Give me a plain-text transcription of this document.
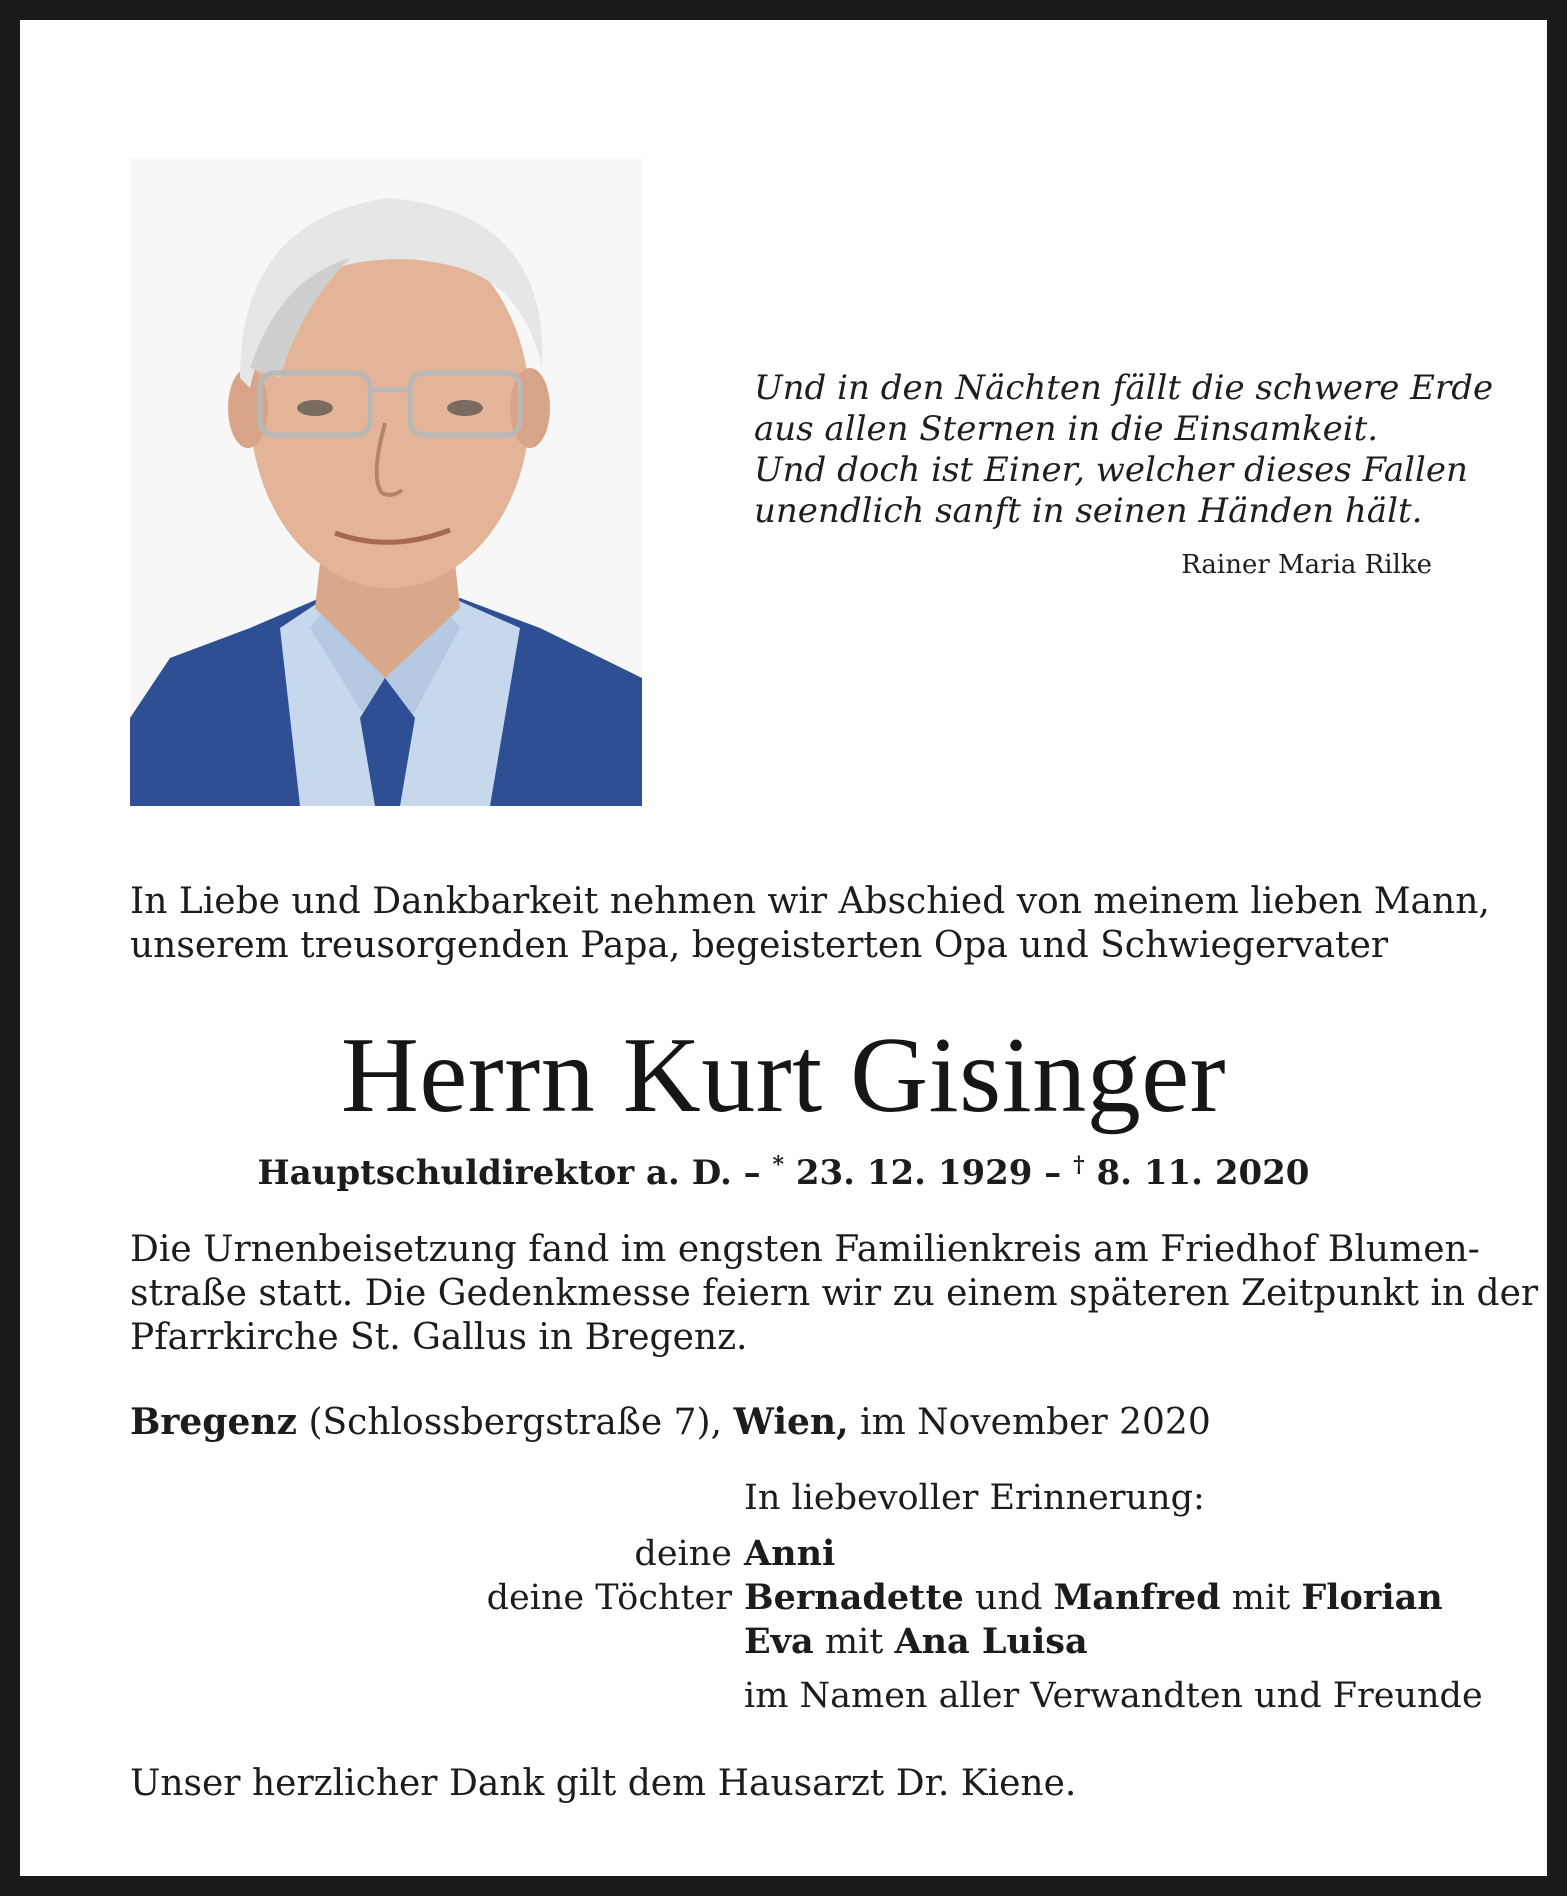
Und in den Nächten fällt die schwere Erde
aus allen Sternen in die Einsamkeit.
Und doch ist Einer, welcher dieses Fallen
unendlich sanft in seinen Händen hält.
Rainer Maria Rilke
In Liebe und Dankbarkeit nehmen wir Abschied von meinem lieben Mann,
unserem treusorgenden Papa, begeisterten Opa und Schwiegervater
Herrn Kurt Gisinger
Hauptschuldirektor a. D. – * 23. 12. 1929 – † 8. 11. 2020
Die Urnenbeisetzung fand im engsten Familienkreis am Friedhof Blumen-
straße statt. Die Gedenkmesse feiern wir zu einem späteren Zeitpunkt in der
Pfarrkirche St. Gallus in Bregenz.
Bregenz (Schlossbergstraße 7), Wien, im November 2020
In liebevoller Erinnerung:
deine Anni
deine Töchter Bernadette und Manfred mit Florian
Eva mit Ana Luisa
im Namen aller Verwandten und Freunde
Unser herzlicher Dank gilt dem Hausarzt Dr. Kiene.
